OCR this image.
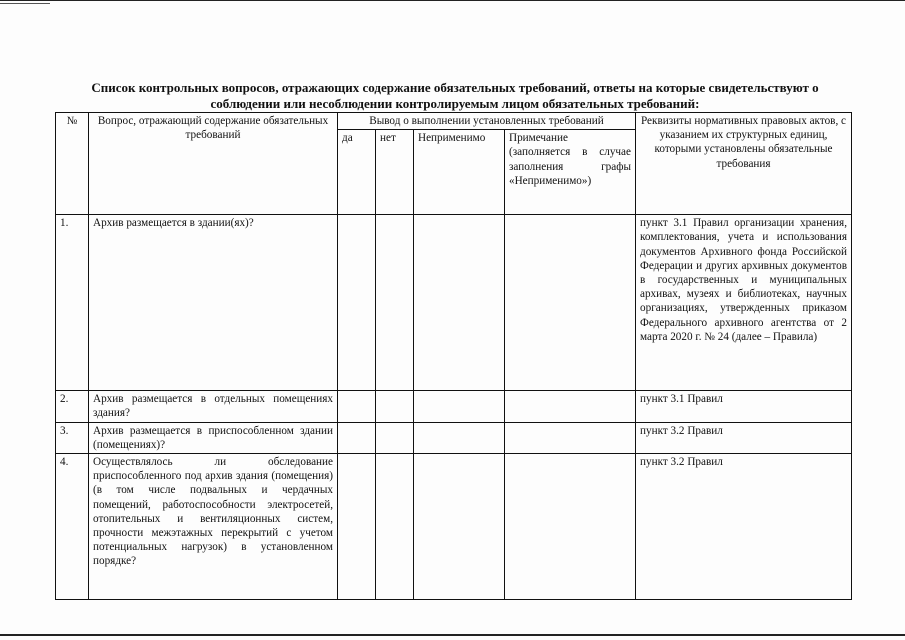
Список контрольных вопросов, отражающих содержание обязательных требований, ответы на которые свидетельствуют о соблюдении или несоблюдении контролируемым лицом обязательных требований:
№	Вопрос, отражающий содержание обязательных требований	Вывод о выполнении установленных требований				Реквизиты нормативных правовых актов, с указанием их структурных единиц, которыми установлены обязательные требования
		да	нет	Неприменимо	Примечание (заполняется в случае заполнения графы «Неприменимо»)	
1.	Архив размещается в здании(ях)?					пункт 3.1 Правил организации хранения, комплектования, учета и использования документов Архивного фонда Российской Федерации и других архивных документов в государственных и муниципальных архивах, музеях и библиотеках, научных организациях, утвержденных приказом Федерального архивного агентства от 2 марта 2020 г. № 24 (далее – Правила)
2.	Архив размещается в отдельных помещениях здания?					пункт 3.1 Правил
3.	Архив размещается в приспособленном здании (помещениях)?					пункт 3.2 Правил
4.	Осуществлялось ли обследование приспособленного под архив здания (помещения) (в том числе подвальных и чердачных помещений, работоспособности электросетей, отопительных и вентиляционных систем, прочности межэтажных перекрытий с учетом потенциальных нагрузок) в установленном порядке?					пункт 3.2 Правил
